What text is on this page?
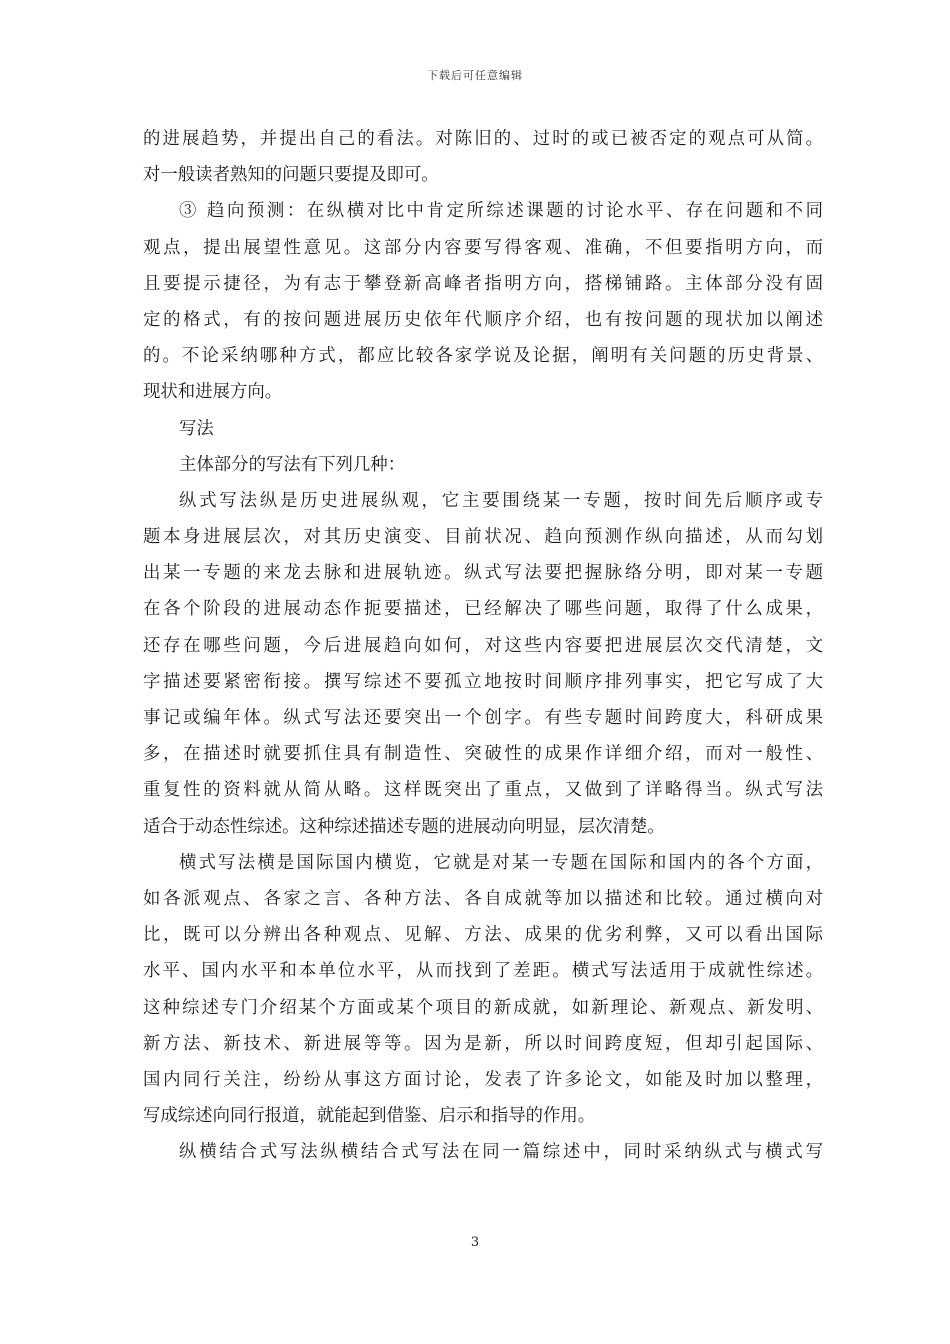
下载后可任意编辑
的进展趋势，并提出自己的看法。对陈旧的、过时的或已被否定的观点可从简。
对一般读者熟知的问题只要提及即可。
③ 趋向预测：在纵横对比中肯定所综述课题的讨论水平、存在问题和不同
观点，提出展望性意见。这部分内容要写得客观、准确，不但要指明方向，而
且要提示捷径，为有志于攀登新高峰者指明方向，搭梯铺路。主体部分没有固
定的格式，有的按问题进展历史依年代顺序介绍，也有按问题的现状加以阐述
的。不论采纳哪种方式，都应比较各家学说及论据，阐明有关问题的历史背景、
现状和进展方向。
写法
主体部分的写法有下列几种：
纵式写法纵是历史进展纵观，它主要围绕某一专题，按时间先后顺序或专
题本身进展层次，对其历史演变、目前状况、趋向预测作纵向描述，从而勾划
出某一专题的来龙去脉和进展轨迹。纵式写法要把握脉络分明，即对某一专题
在各个阶段的进展动态作扼要描述，已经解决了哪些问题，取得了什么成果，
还存在哪些问题，今后进展趋向如何，对这些内容要把进展层次交代清楚，文
字描述要紧密衔接。撰写综述不要孤立地按时间顺序排列事实，把它写成了大
事记或编年体。纵式写法还要突出一个创字。有些专题时间跨度大，科研成果
多，在描述时就要抓住具有制造性、突破性的成果作详细介绍，而对一般性、
重复性的资料就从简从略。这样既突出了重点，又做到了详略得当。纵式写法
适合于动态性综述。这种综述描述专题的进展动向明显，层次清楚。
横式写法横是国际国内横览，它就是对某一专题在国际和国内的各个方面，
如各派观点、各家之言、各种方法、各自成就等加以描述和比较。通过横向对
比，既可以分辨出各种观点、见解、方法、成果的优劣利弊，又可以看出国际
水平、国内水平和本单位水平，从而找到了差距。横式写法适用于成就性综述。
这种综述专门介绍某个方面或某个项目的新成就，如新理论、新观点、新发明、
新方法、新技术、新进展等等。因为是新，所以时间跨度短，但却引起国际、
国内同行关注，纷纷从事这方面讨论，发表了许多论文，如能及时加以整理，
写成综述向同行报道，就能起到借鉴、启示和指导的作用。
纵横结合式写法纵横结合式写法在同一篇综述中，同时采纳纵式与横式写
3
